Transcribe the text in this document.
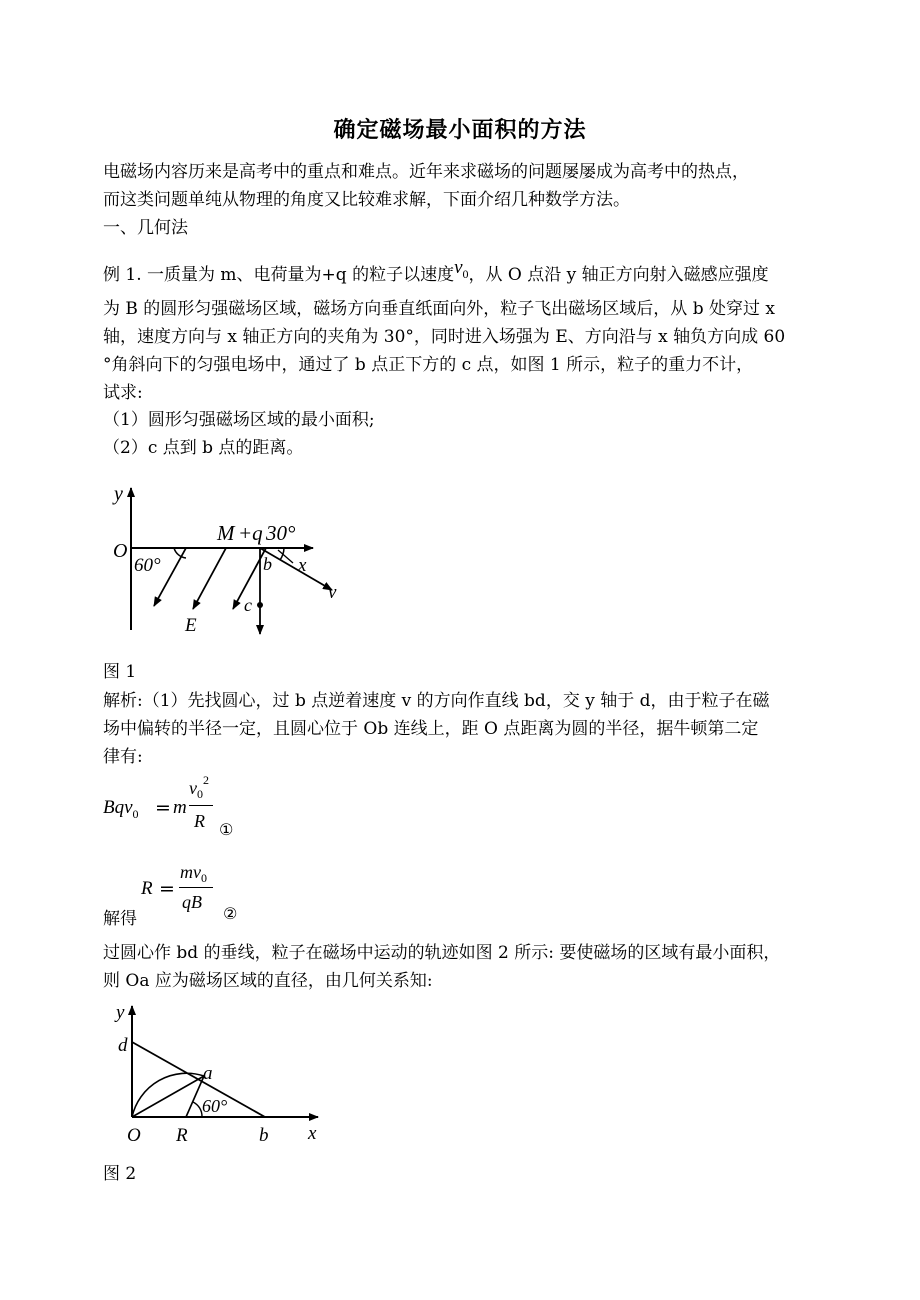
确定磁场最小面积的方法
电磁场内容历来是高考中的重点和难点。近年来求磁场的问题屡屡成为高考中的热点，
而这类问题单纯从物理的角度又比较难求解，下面介绍几种数学方法。
一、几何法
例 1. 一质量为 m、电荷量为+q 的粒子以速度$v_0$，从 O 点沿 y 轴正方向射入磁感应强度
为 B 的圆形匀强磁场区域，磁场方向垂直纸面向外，粒子飞出磁场区域后，从 b 处穿过 x
轴，速度方向与 x 轴正方向的夹角为 30°，同时进入场强为 E、方向沿与 x 轴负方向成 60
°角斜向下的匀强电场中，通过了 b 点正下方的 c 点，如图 1 所示，粒子的重力不计，
试求:
（1）圆形匀强磁场区域的最小面积;
（2）c 点到 b 点的距离。
y
O
M +q 30°
60°	b x
v
c
E
图 1
解析:（1）先找圆心，过 b 点逆着速度 v 的方向作直线 bd，交 y 轴于 d，由于粒子在磁
场中偏转的半径一定，且圆心位于 Ob 连线上，距 O 点距离为圆的半径，据牛顿第二定
律有:
Bqv$_0$ = m
$v_0^2$
R ①
解得
R =
$mv_0$
qB
②
过圆心作 bd 的垂线，粒子在磁场中运动的轨迹如图 2 所示: 要使磁场的区域有最小面积，
则 Oa 应为磁场区域的直径，由几何关系知:
y
d
a
60°
O R	b x
图 2
